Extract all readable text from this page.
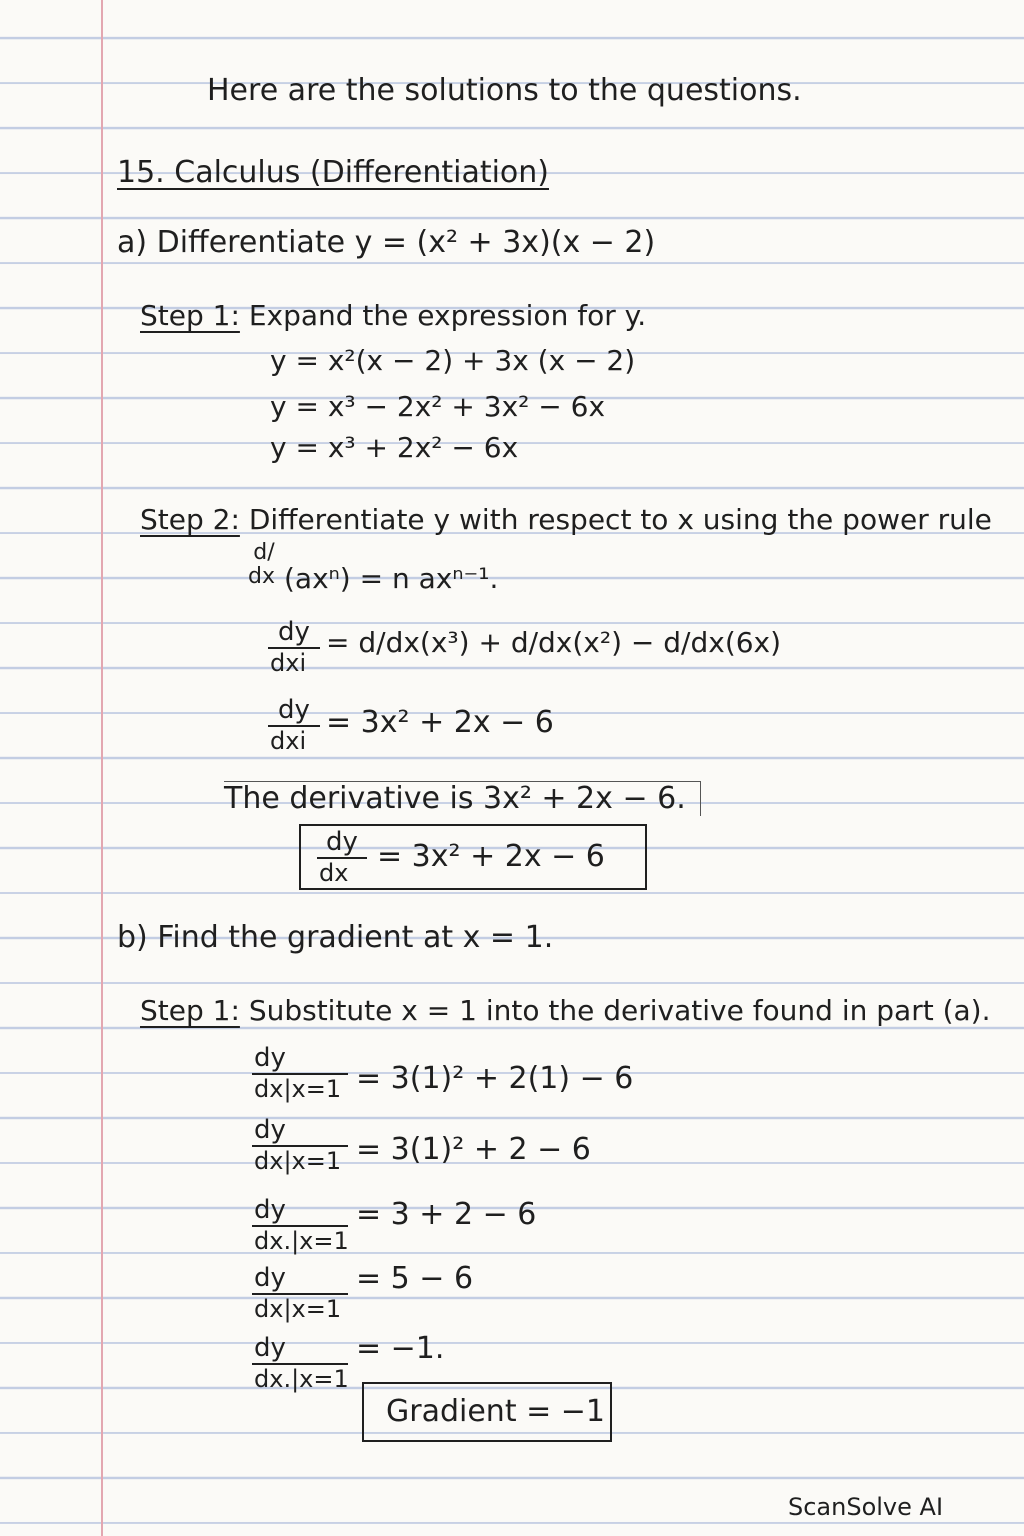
Here are the solutions to the questions.
15. Calculus (Differentiation)
a) Differentiate y = (x² + 3x)(x − 2)
Step 1: Expand the expression for y.
y = x²(x − 2) + 3x (x − 2)
y = x³ − 2x² + 3x² − 6x
y = x³ + 2x² − 6x
Step 2: Differentiate y with respect to x using the power rule
d/
dx (axⁿ) = n axⁿ⁻¹.
dy
dxi
= d/dx(x³) + d/dx(x²) − d/dx(6x)
dy
dxi
= 3x² + 2x − 6
The derivative is 3x² + 2x − 6.
$\frac{dy}{dx} = 3x^2 + 2x - 6$
b) Find the gradient at x = 1.
Step 1: Substitute x = 1 into the derivative found in part (a).
$\frac{dy}{dx|x=1} = 3(1)^2 + 2(1) - 6$
$\frac{dy}{dx|x=1} = 3(1)^2 + 2 - 6$
$\frac{dy}{dx.|x=1} = 3 + 2 - 6$
$\frac{dy}{dx|x=1} = 5 - 6$
$\frac{dy}{dx.|x=1} = -1$.
Gradient = −1
ScanSolve AI
